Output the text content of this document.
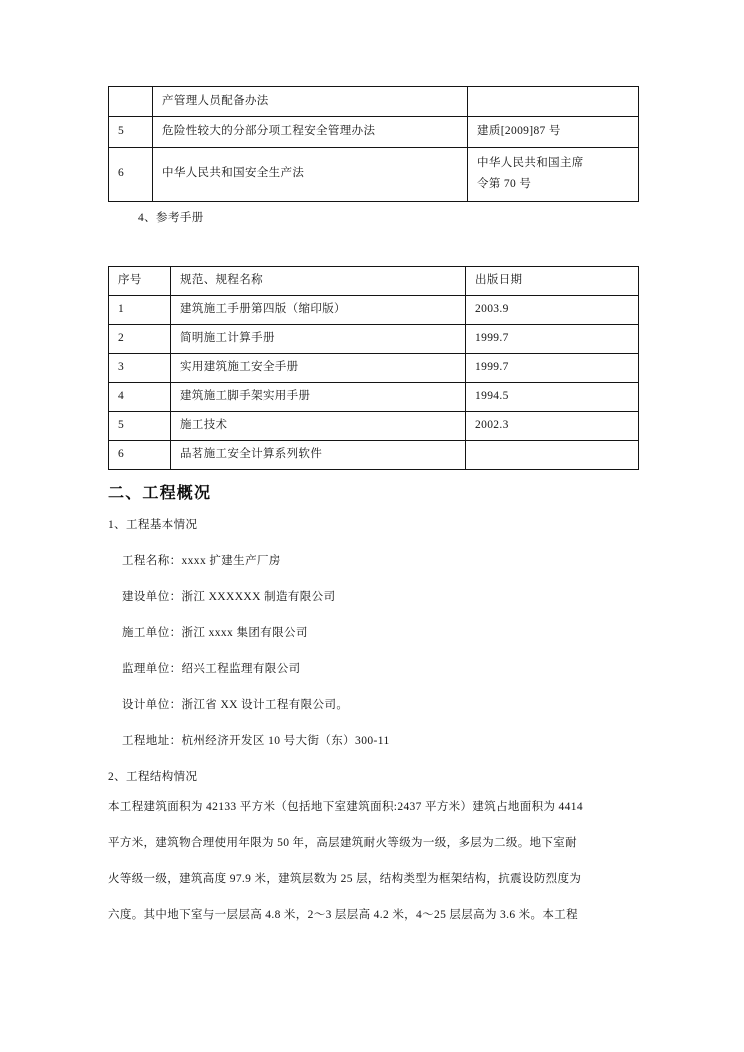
	产管理人员配备办法	
5	危险性较大的分部分项工程安全管理办法	建质[2009]87 号
6	中华人民共和国安全生产法	中华人民共和国主席
令第 70 号
4、参考手册
序号	规范、规程名称	出版日期
1	建筑施工手册第四版（缩印版）	2003.9
2	简明施工计算手册	1999.7
3	实用建筑施工安全手册	1999.7
4	建筑施工脚手架实用手册	1994.5
5	施工技术	2002.3
6	品茗施工安全计算系列软件	
二、工程概况
1、工程基本情况
工程名称：xxxx 扩建生产厂房
建设单位：浙江 XXXXXX 制造有限公司
施工单位：浙江 xxxx 集团有限公司
监理单位：绍兴工程监理有限公司
设计单位：浙江省 XX 设计工程有限公司。
工程地址：杭州经济开发区 10 号大街（东）300-11
2、工程结构情况
本工程建筑面积为 42133 平方米（包括地下室建筑面积:2437 平方米）建筑占地面积为 4414
平方米，建筑物合理使用年限为 50 年，高层建筑耐火等级为一级，多层为二级。地下室耐
火等级一级，建筑高度 97.9 米，建筑层数为 25 层，结构类型为框架结构，抗震设防烈度为
六度。其中地下室与一层层高 4.8 米，2～3 层层高 4.2 米，4～25 层层高为 3.6 米。本工程
